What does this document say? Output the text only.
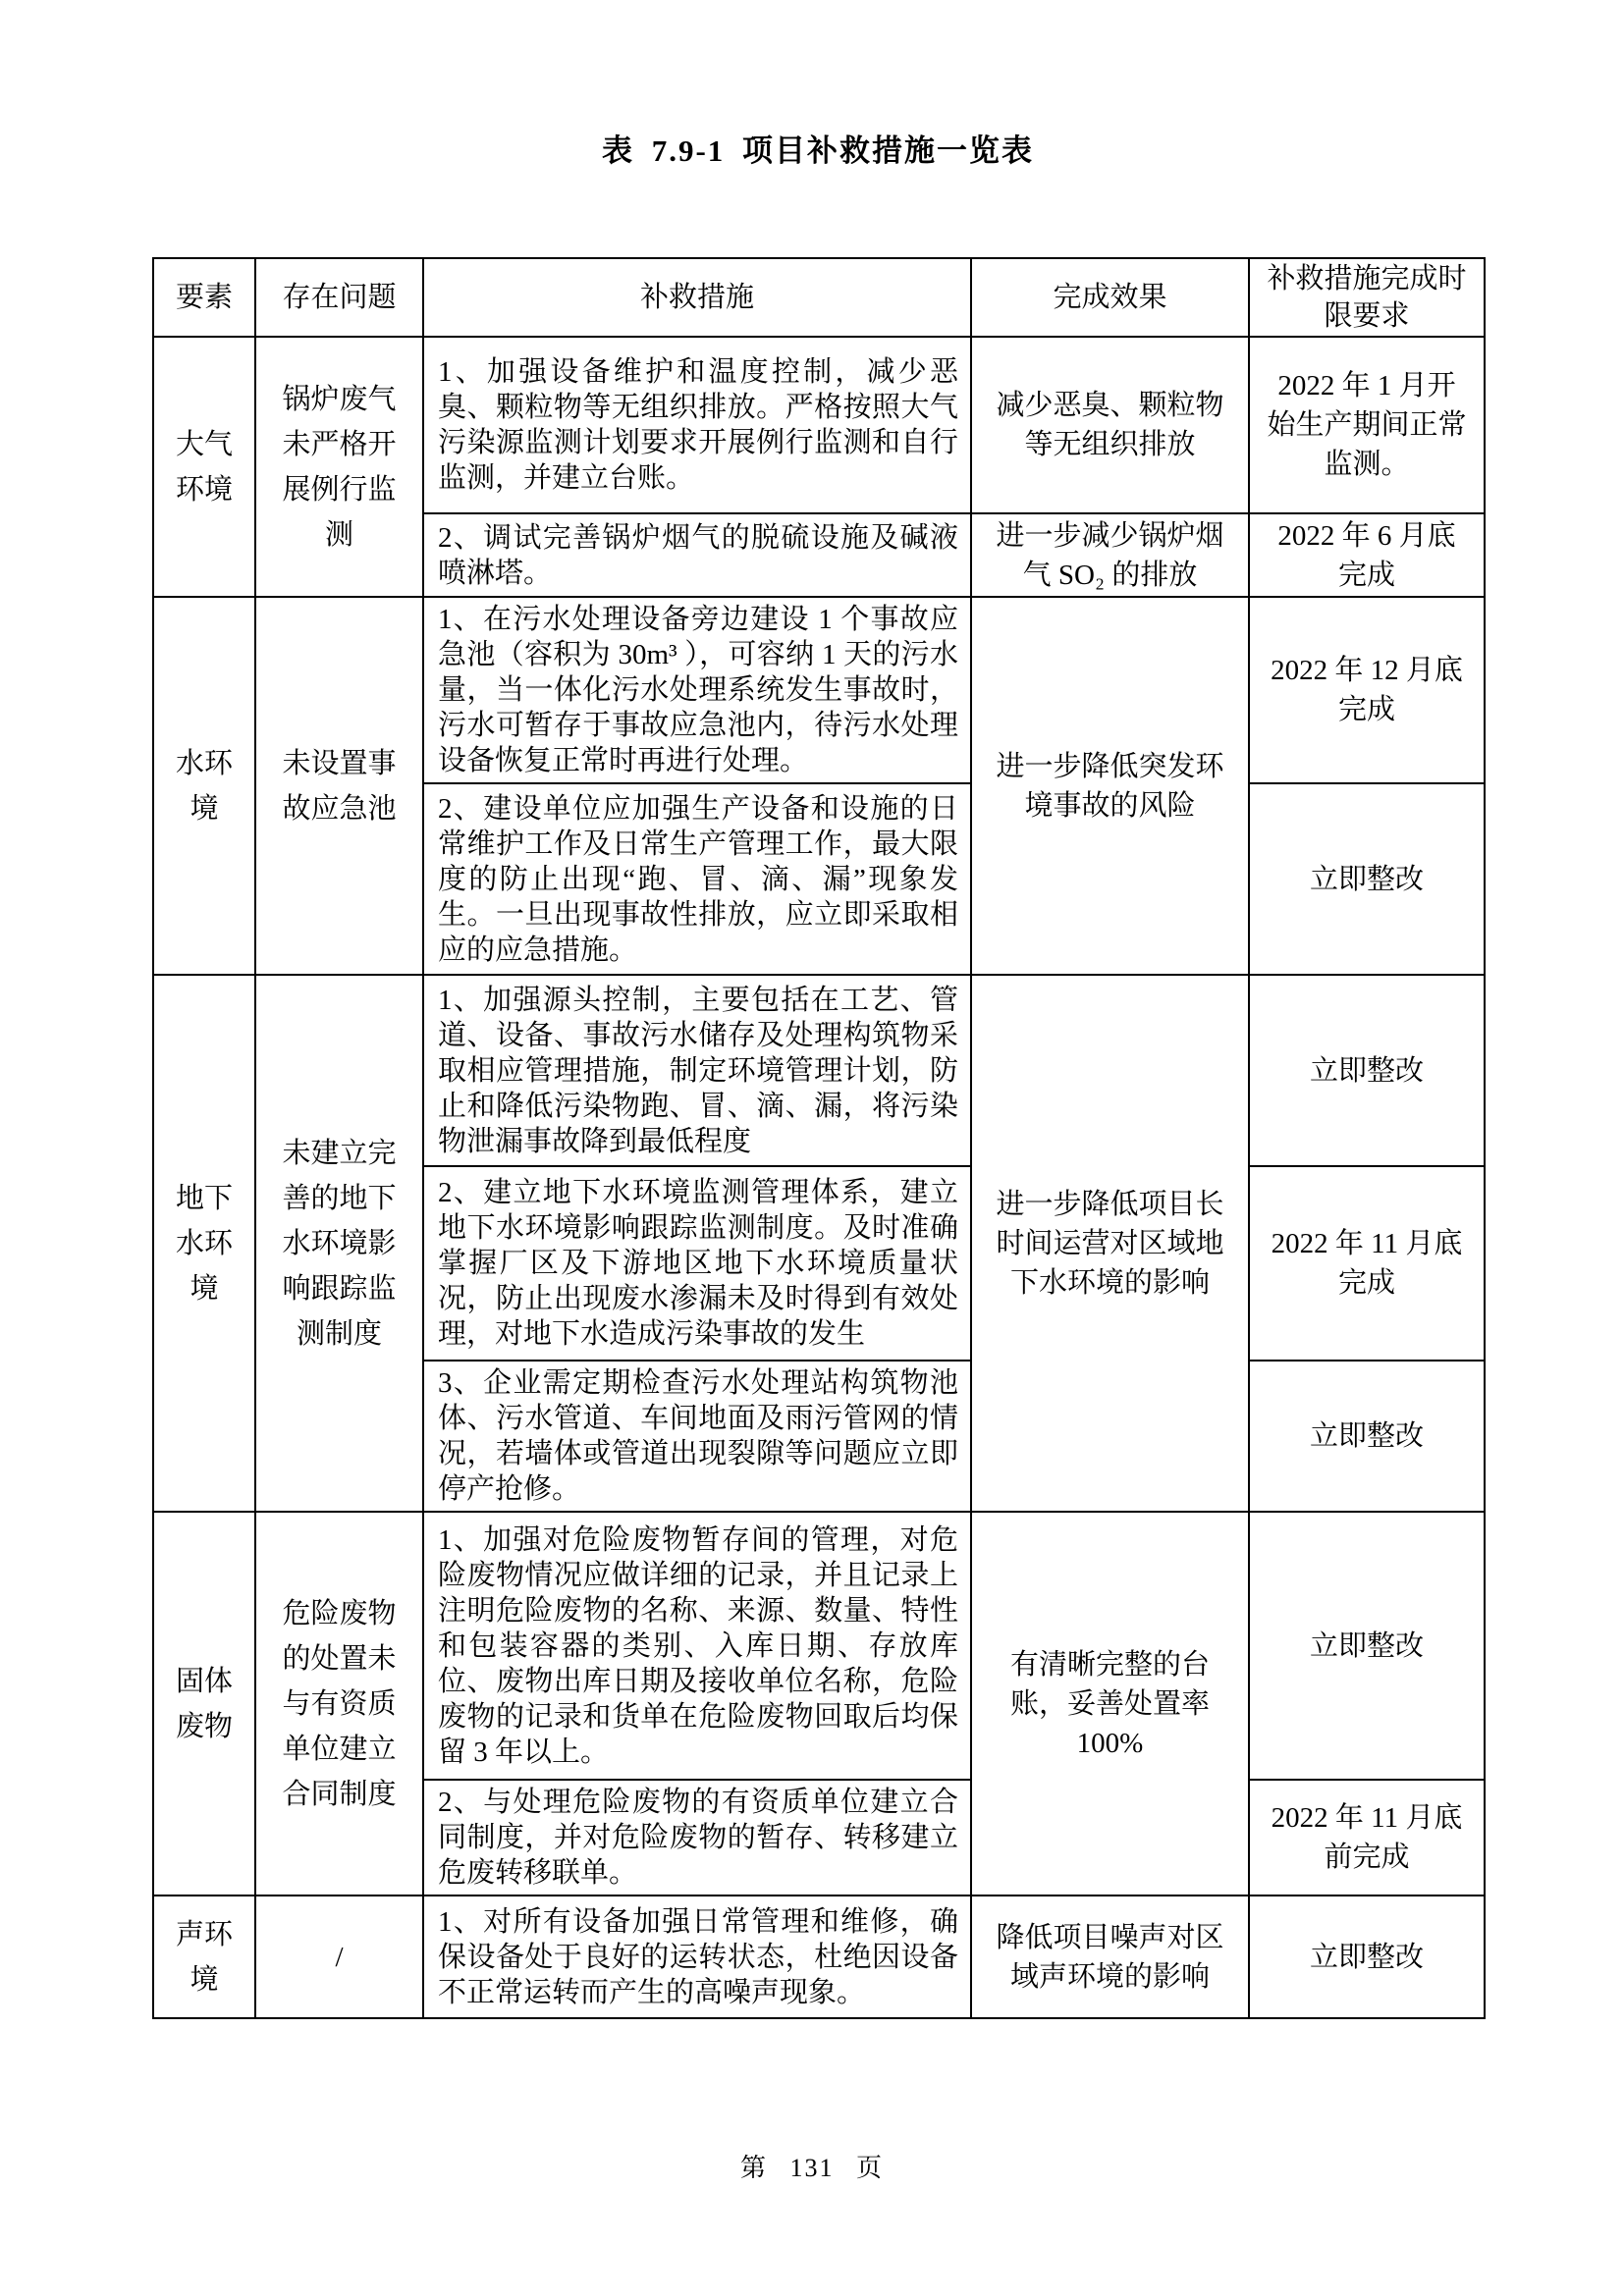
表 7.9-1 项目补救措施一览表
要素	存在问题	补救措施	完成效果	补救措施完成时限要求
大气环境	锅炉废气未严格开展例行监测	1、加强设备维护和温度控制，减少恶臭、颗粒物等无组织排放。严格按照大气污染源监测计划要求开展例行监测和自行监测，并建立台账。	减少恶臭、颗粒物等无组织排放	2022 年 1 月开始生产期间正常监测。
		2、调试完善锅炉烟气的脱硫设施及碱液喷淋塔。	进一步减少锅炉烟气 SO₂ 的排放	2022 年 6 月底完成
水环境	未设置事故应急池	1、在污水处理设备旁边建设 1 个事故应急池（容积为 30m³ ），可容纳 1 天的污水量，当一体化污水处理系统发生事故时，污水可暂存于事故应急池内，待污水处理设备恢复正常时再进行处理。	进一步降低突发环境事故的风险	2022 年 12 月底完成
		2、建设单位应加强生产设备和设施的日常维护工作及日常生产管理工作，最大限度的防止出现“跑、冒、滴、漏”现象发生。一旦出现事故性排放，应立即采取相应的应急措施。		立即整改
地下水环境	未建立完善的地下水环境影响跟踪监测制度	1、加强源头控制，主要包括在工艺、管道、设备、事故污水储存及处理构筑物采取相应管理措施，制定环境管理计划，防止和降低污染物跑、冒、滴、漏，将污染物泄漏事故降到最低程度	进一步降低项目长时间运营对区域地下水环境的影响	立即整改
		2、建立地下水环境监测管理体系，建立地下水环境影响跟踪监测制度。及时准确掌握厂区及下游地区地下水环境质量状况，防止出现废水渗漏未及时得到有效处理，对地下水造成污染事故的发生		2022 年 11 月底完成
		3、企业需定期检查污水处理站构筑物池体、污水管道、车间地面及雨污管网的情况，若墙体或管道出现裂隙等问题应立即停产抢修。		立即整改
固体废物	危险废物的处置未与有资质单位建立合同制度	1、加强对危险废物暂存间的管理，对危险废物情况应做详细的记录，并且记录上注明危险废物的名称、来源、数量、特性和包装容器的类别、入库日期、存放库位、废物出库日期及接收单位名称，危险废物的记录和货单在危险废物回取后均保留 3 年以上。	有清晰完整的台账，妥善处置率 100%	立即整改
		2、与处理危险废物的有资质单位建立合同制度，并对危险废物的暂存、转移建立危废转移联单。		2022 年 11 月底前完成
声环境	/	1、对所有设备加强日常管理和维修，确保设备处于良好的运转状态，杜绝因设备不正常运转而产生的高噪声现象。	降低项目噪声对区域声环境的影响	立即整改
第 131 页
